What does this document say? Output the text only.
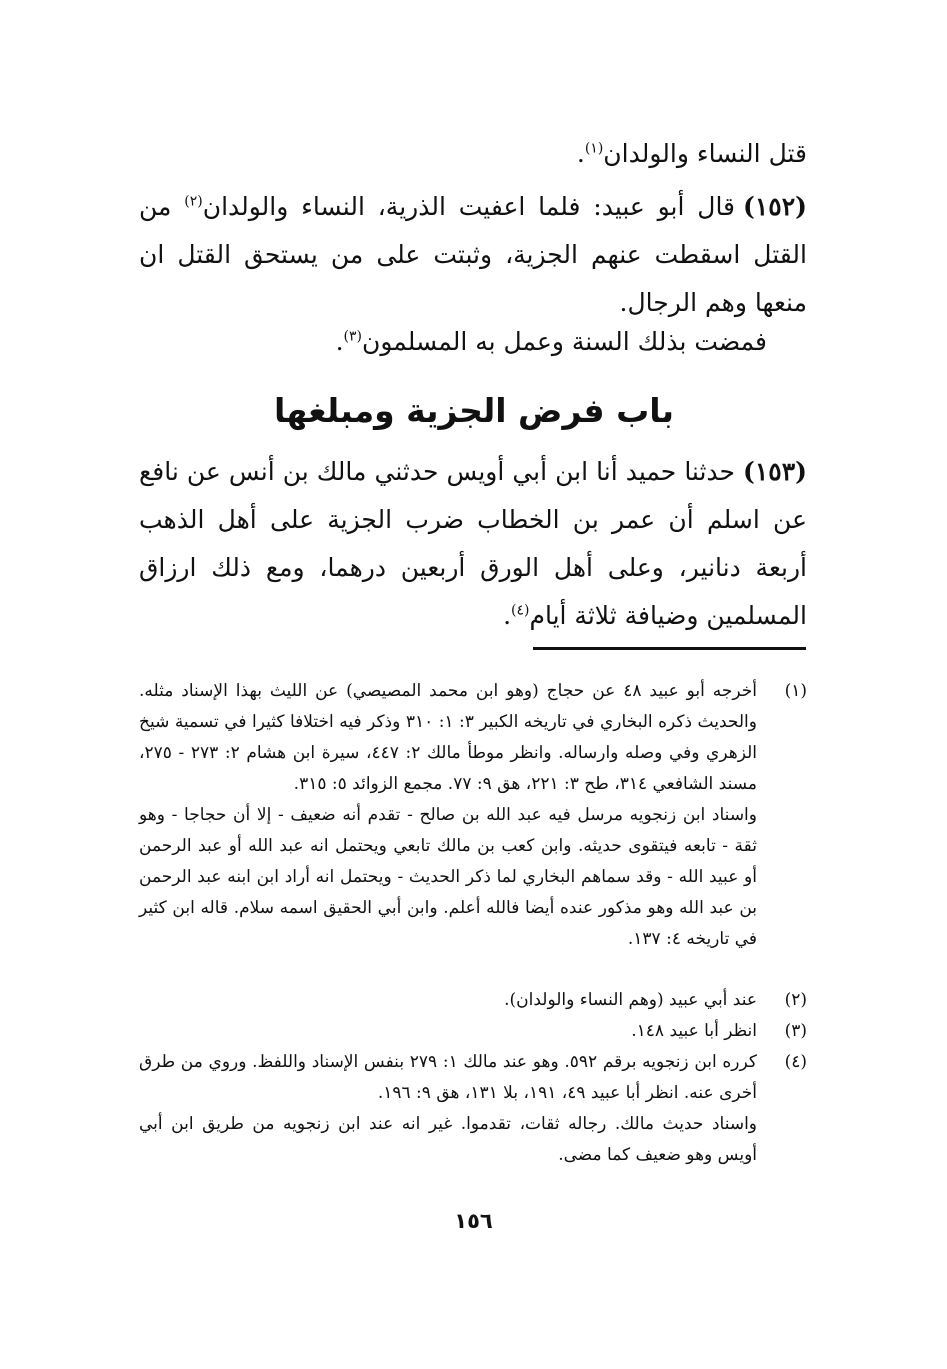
قتل النساء والولدان$^{(١)}$.

(١٥٢)قال أبو عبيد: فلما اعفيت الذرية، النساء والولدان$^{(٢)}$ من القتل اسقطت عنهم الجزية، وثبتت على من يستحق القتل ان منعها وهم الرجال.

فمضت بذلك السنة وعمل به المسلمون$^{(٣)}$.

باب فرض الجزية ومبلغها

(١٥٣)حدثنا حميد أنا ابن أبي أويس حدثني مالك بن أنس عن نافع عن اسلم أن عمر بن الخطاب ضرب الجزية على أهل الذهب أربعة دنانير، وعلى أهل الورق أربعين درهما، ومع ذلك ارزاق المسلمين وضيافة ثلاثة أيام$^{(٤)}$.

(١)
أخرجه أبو عبيد ٤٨ عن حجاج (وهو ابن محمد المصيصي) عن الليث بهذا الإسناد مثله. والحديث ذكره البخاري في تاريخه الكبير ٣: ١: ٣١٠ وذكر فيه اختلافا كثيرا في تسمية شيخ الزهري وفي وصله وارساله. وانظر موطأ مالك ٢: ٤٤٧، سيرة ابن هشام ٢: ٢٧٣ - ٢٧٥، مسند الشافعي ٣١٤، طح ٣: ٢٢١، هق ٩: ٧٧. مجمع الزوائد ٥: ٣١٥.
واسناد ابن زنجويه مرسل فيه عبد الله بن صالح - تقدم أنه ضعيف - إلا أن حجاجا - وهو ثقة - تابعه فيتقوى حديثه. وابن كعب بن مالك تابعي ويحتمل انه عبد الله أو عبد الرحمن أو عبيد الله - وقد سماهم البخاري لما ذكر الحديث - ويحتمل انه أراد ابن ابنه عبد الرحمن بن عبد الله وهو مذكور عنده أيضا فالله أعلم. وابن أبي الحقيق اسمه سلام. قاله ابن كثير في تاريخه ٤: ١٣٧.
(٢)
عند أبي عبيد (وهم النساء والولدان).
(٣)
انظر أبا عبيد ١٤٨.
(٤)
كرره ابن زنجويه برقم ٥٩٢. وهو عند مالك ١: ٢٧٩ بنفس الإسناد واللفظ. وروي من طرق أخرى عنه. انظر أبا عبيد ٤٩، ١٩١، بلا ١٣١، هق ٩: ١٩٦.
واسناد حديث مالك. رجاله ثقات، تقدموا. غير انه عند ابن زنجويه من طريق ابن أبي أويس وهو ضعيف كما مضى.
١٥٦
